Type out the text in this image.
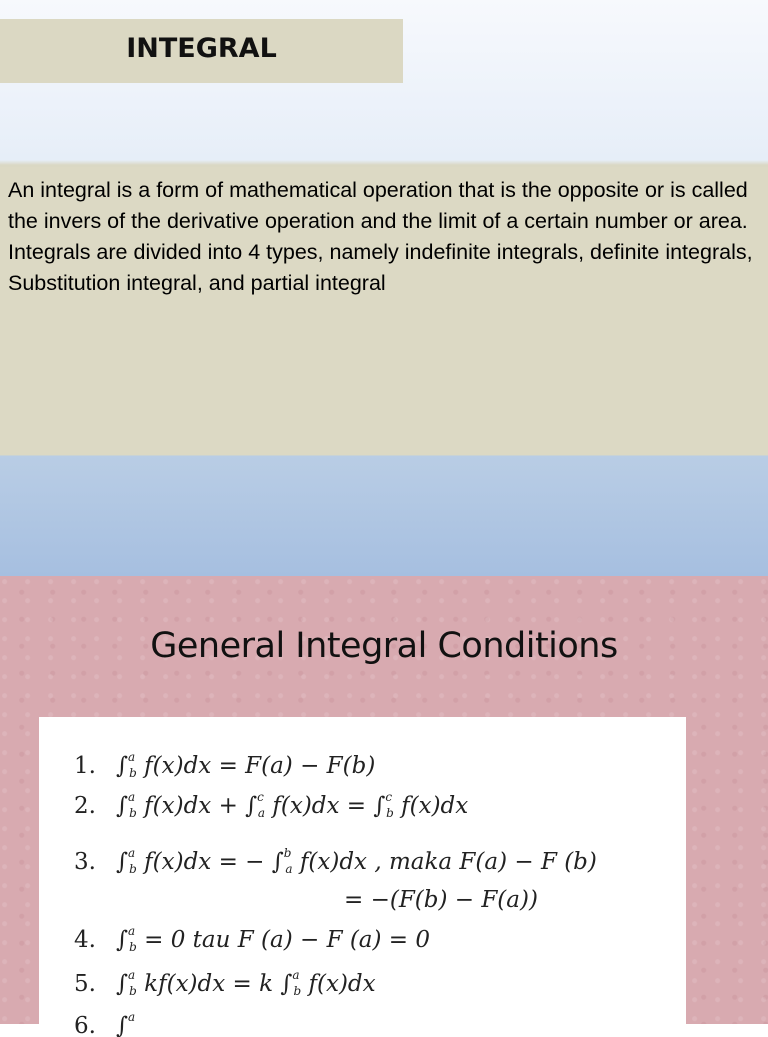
INTEGRAL

An integral is a form of mathematical operation that is the opposite or is called the invers of the derivative operation and the limit of a certain number or area. Integrals are divided into 4 types, namely indefinite integrals, definite integrals, Substitution integral, and partial integral

General Integral Conditions
1. ∫$^a$b f(x)dx = F(a) − F(b)
2. ∫$^a$b f(x)dx + ∫$^c$a f(x)dx = ∫$^c$b f(x)dx
3. ∫$^a$b f(x)dx = − ∫$^b$a f(x)dx , maka F(a) − F (b)
= −(F(b) − F(a))
4. ∫$^a$b = 0 tau F (a) − F (a) = 0
5. ∫$^a$b kf(x)dx = k ∫$^a$b f(x)dx
6. ∫$^a$
